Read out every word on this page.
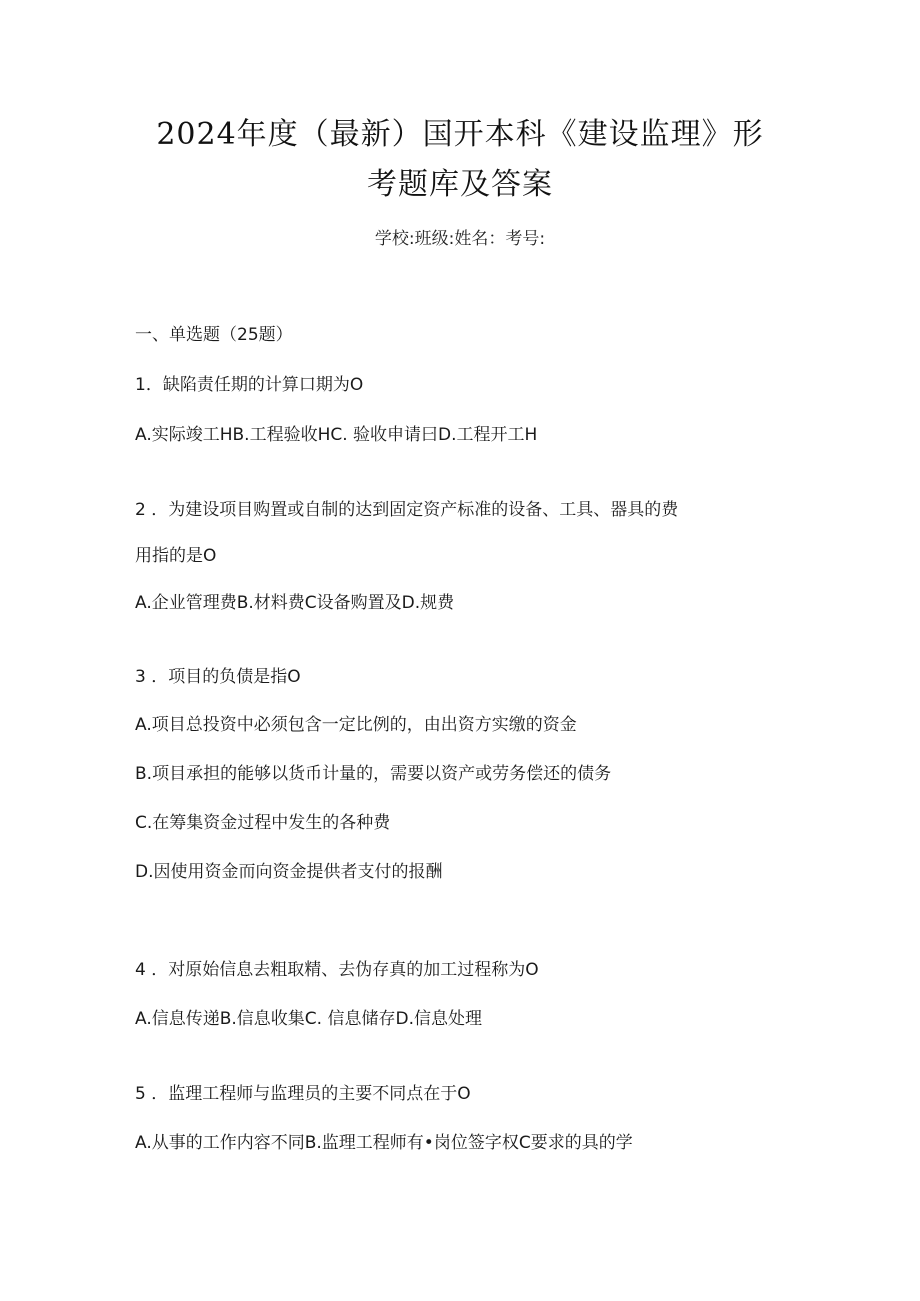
2024年度（最新）国开本科《建设监理》形
考题库及答案
学校:班级:姓名：考号:
一、单选题（25题）
1．缺陷责任期的计算口期为O
A.实际竣工HB.工程验收HC. 验收申请曰D.工程开工H
2 ．为建设项目购置或自制的达到固定资产标准的设备、工具、器具的费
用指的是O
A.企业管理费B.材料费C设备购置及D.规费
3 ．项目的负债是指O
A.项目总投资中必须包含一定比例的，由出资方实缴的资金
B.项目承担的能够以货币计量的，需要以资产或劳务偿还的债务
C.在筹集资金过程中发生的各种费
D.因使用资金而向资金提供者支付的报酬
4 ．对原始信息去粗取精、去伪存真的加工过程称为O
A.信息传递B.信息收集C. 信息储存D.信息处理
5 ．监理工程师与监理员的主要不同点在于O
A.从事的工作内容不同B.监理工程师有•岗位签字权C要求的具的学
